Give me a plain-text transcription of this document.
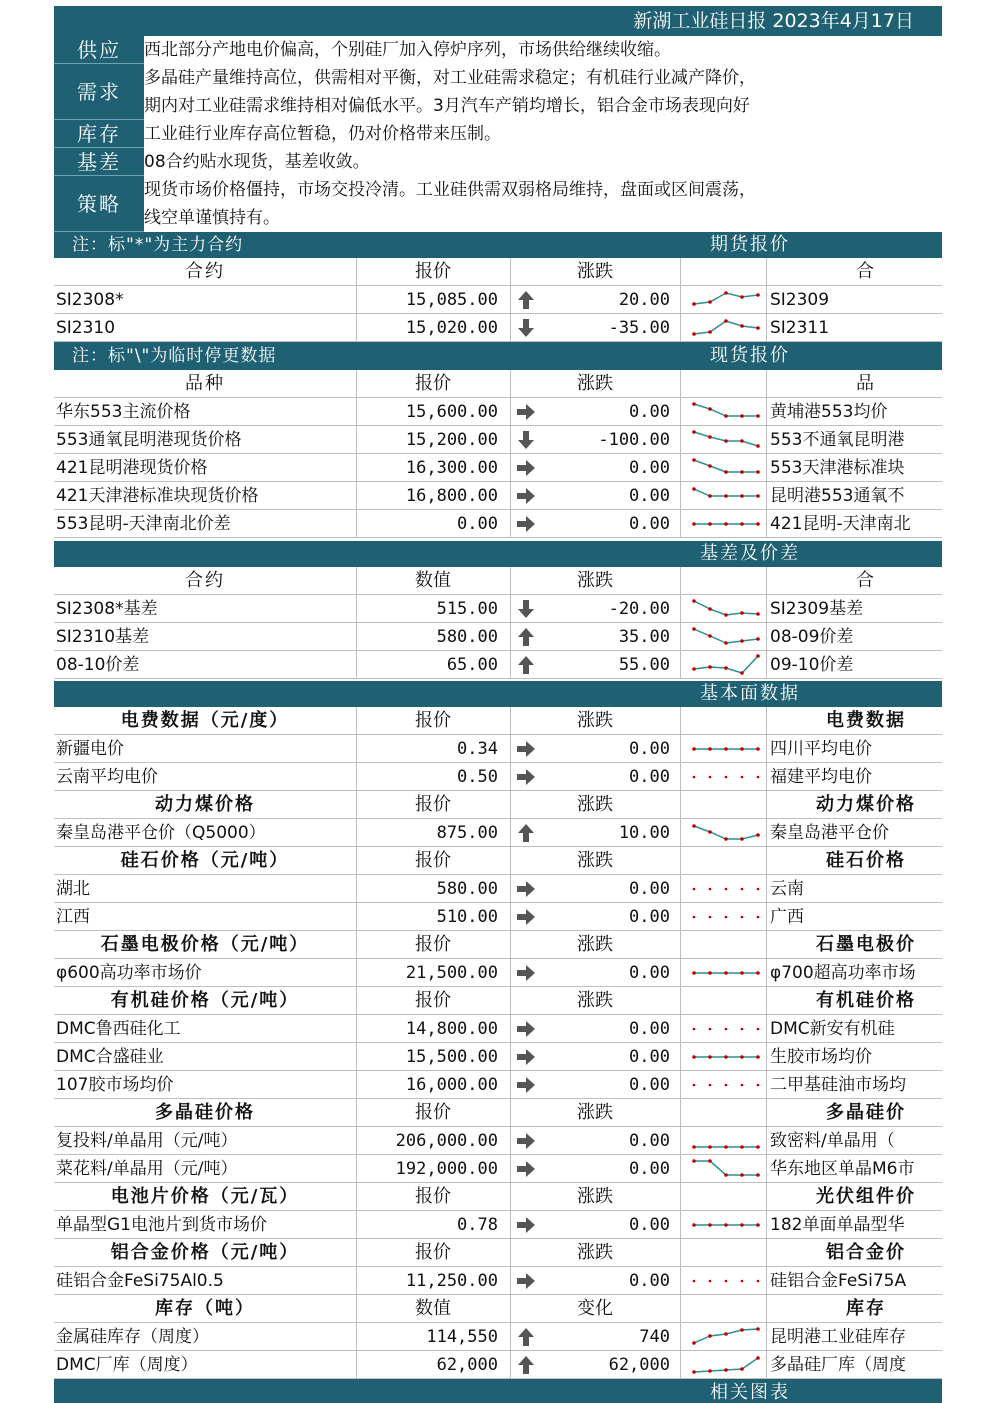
新湖工业硅日报 2023年4月17日
供应	西北部分产地电价偏高，个别硅厂加入停炉序列，市场供给继续收缩。
需求
多晶硅产量维持高位，供需相对平衡，对工业硅需求稳定；有机硅行业减产降价，
期内对工业硅需求维持相对偏低水平。3月汽车产销均增长，铝合金市场表现向好
库存	工业硅行业库存高位暂稳，仍对价格带来压制。
基差	08合约贴水现货，基差收敛。
策略
现货市场价格僵持，市场交投冷清。工业硅供需双弱格局维持，盘面或区间震荡，
线空单谨慎持有。
注：标"*"为主力合约	期货报价
合约	报价	涨跌	合
SI2308*	15,085.00	20.00	SI2309
SI2310	15,020.00	-35.00	SI2311
注：标"\"为临时停更数据	现货报价
品种	报价	涨跌	品
华东553主流价格	15,600.00	0.00	黄埔港553均价
553通氧昆明港现货价格	15,200.00	-100.00	553不通氧昆明港
421昆明港现货价格	16,300.00	0.00	553天津港标准块
421天津港标准块现货价格	16,800.00	0.00	昆明港553通氧不
553昆明-天津南北价差	0.00	0.00	421昆明-天津南北
基差及价差
合约	数值	涨跌	合
SI2308*基差	515.00	-20.00	SI2309基差
SI2310基差	580.00	35.00	08-09价差
08-10价差	65.00	55.00	09-10价差
基本面数据
电费数据（元/度）	报价	涨跌	电费数据
新疆电价	0.34	0.00	四川平均电价
云南平均电价	0.50	0.00	福建平均电价
动力煤价格	报价	涨跌	动力煤价格
秦皇岛港平仓价（Q5000）	875.00	10.00	秦皇岛港平仓价
硅石价格（元/吨）	报价	涨跌	硅石价格
湖北	580.00	0.00	云南
江西	510.00	0.00	广西
石墨电极价格（元/吨）	报价	涨跌	石墨电极价
φ600高功率市场价	21,500.00	0.00	φ700超高功率市场
有机硅价格（元/吨）	报价	涨跌	有机硅价格
DMC鲁西硅化工	14,800.00	0.00	DMC新安有机硅
DMC合盛硅业	15,500.00	0.00	生胶市场均价
107胶市场均价	16,000.00	0.00	二甲基硅油市场均
多晶硅价格	报价	涨跌	多晶硅价
复投料/单晶用（元/吨）	206,000.00	0.00	致密料/单晶用（
菜花料/单晶用（元/吨）	192,000.00	0.00	华东地区单晶M6市
电池片价格（元/瓦）	报价	涨跌	光伏组件价
单晶型G1电池片到货市场价	0.78	0.00	182单面单晶型华
铝合金价格（元/吨）	报价	涨跌	铝合金价
硅铝合金FeSi75Al0.5	11,250.00	0.00	硅铝合金FeSi75A
库存（吨）	数值	变化	库存
金属硅库存（周度）	114,550	740	昆明港工业硅库存
DMC厂库（周度）	62,000	62,000	多晶硅厂库（周度
相关图表
